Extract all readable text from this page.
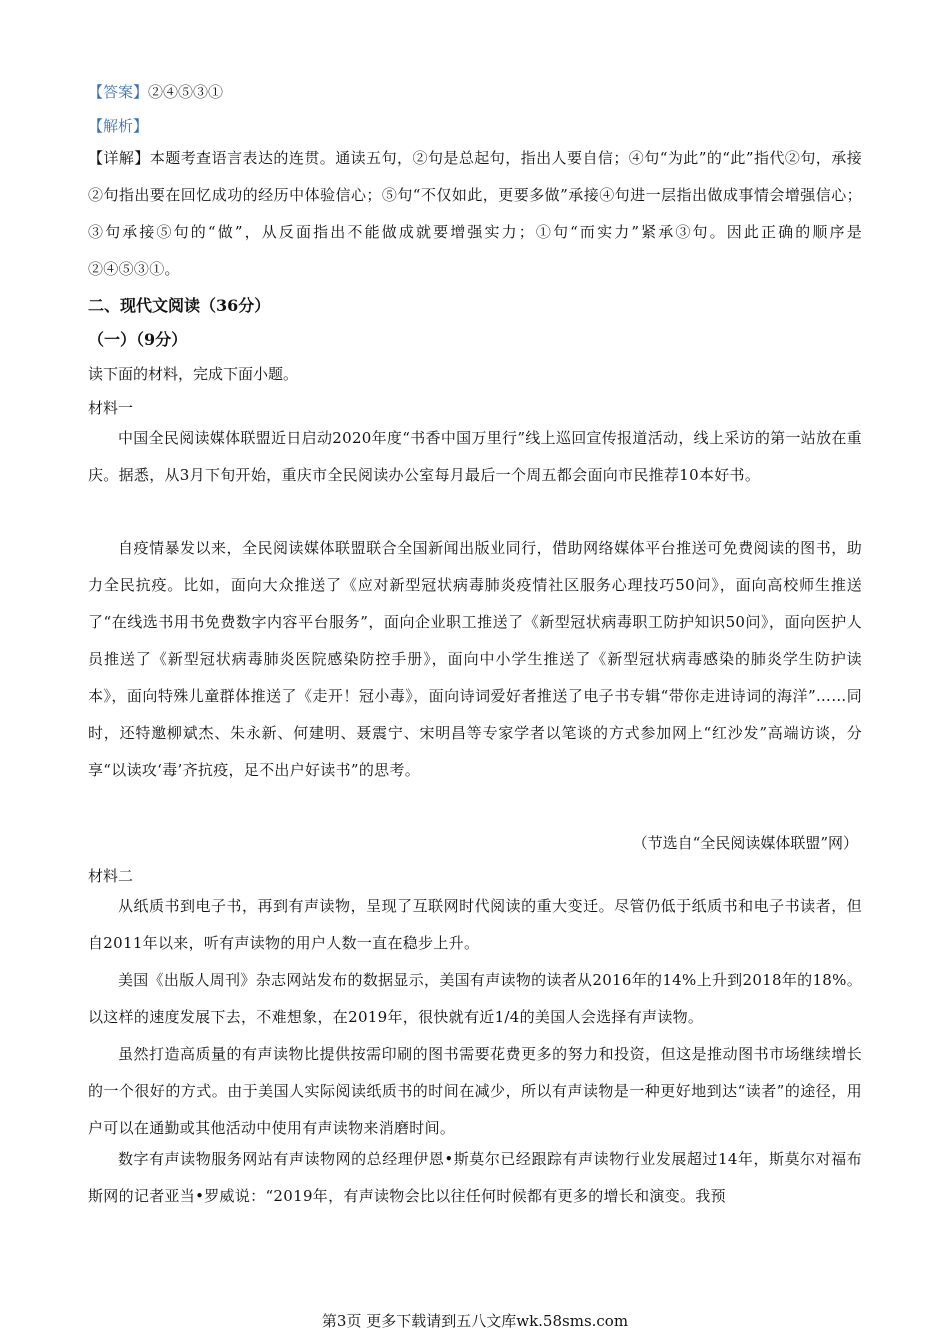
【答案】②④⑤③①
【解析】
【详解】本题考查语言表达的连贯。通读五句，②句是总起句，指出人要自信；④句“为此”的“此”指代②句，承接②句指出要在回忆成功的经历中体验信心；⑤句“不仅如此，更要多做”承接④句进一层指出做成事情会增强信心；③句承接⑤句的“做”，从反面指出不能做成就要增强实力；①句“而实力”紧承③句。因此正确的顺序是②④⑤③①。
二、现代文阅读（36分）
（一）（9分）
读下面的材料，完成下面小题。
材料一
中国全民阅读媒体联盟近日启动2020年度“书香中国万里行”线上巡回宣传报道活动，线上采访的第一站放在重庆。据悉，从3月下旬开始，重庆市全民阅读办公室每月最后一个周五都会面向市民推荐10本好书。
自疫情暴发以来，全民阅读媒体联盟联合全国新闻出版业同行，借助网络媒体平台推送可免费阅读的图书，助力全民抗疫。比如，面向大众推送了《应对新型冠状病毒肺炎疫情社区服务心理技巧50问》，面向高校师生推送了“在线选书用书免费数字内容平台服务”，面向企业职工推送了《新型冠状病毒职工防护知识50问》，面向医护人员推送了《新型冠状病毒肺炎医院感染防控手册》，面向中小学生推送了《新型冠状病毒感染的肺炎学生防护读本》，面向特殊儿童群体推送了《走开！冠小毒》，面向诗词爱好者推送了电子书专辑“带你走进诗词的海洋”……同时，还特邀柳斌杰、朱永新、何建明、聂震宁、宋明昌等专家学者以笔谈的方式参加网上“红沙发”高端访谈，分享“以读攻‘毒’齐抗疫，足不出户好读书”的思考。
（节选自“全民阅读媒体联盟”网）
材料二
从纸质书到电子书，再到有声读物，呈现了互联网时代阅读的重大变迁。尽管仍低于纸质书和电子书读者，但自2011年以来，听有声读物的用户人数一直在稳步上升。
美国《出版人周刊》杂志网站发布的数据显示，美国有声读物的读者从2016年的14%上升到2018年的18%。以这样的速度发展下去，不难想象，在2019年，很快就有近1/4的美国人会选择有声读物。
虽然打造高质量的有声读物比提供按需印刷的图书需要花费更多的努力和投资，但这是推动图书市场继续增长的一个很好的方式。由于美国人实际阅读纸质书的时间在减少，所以有声读物是一种更好地到达“读者”的途径，用户可以在通勤或其他活动中使用有声读物来消磨时间。
数字有声读物服务网站有声读物网的总经理伊恩•斯莫尔已经跟踪有声读物行业发展超过14年，斯莫尔对福布斯网的记者亚当•罗威说：“2019年，有声读物会比以往任何时候都有更多的增长和演变。我预
第3页 更多下载请到五八文库wk.58sms.com
